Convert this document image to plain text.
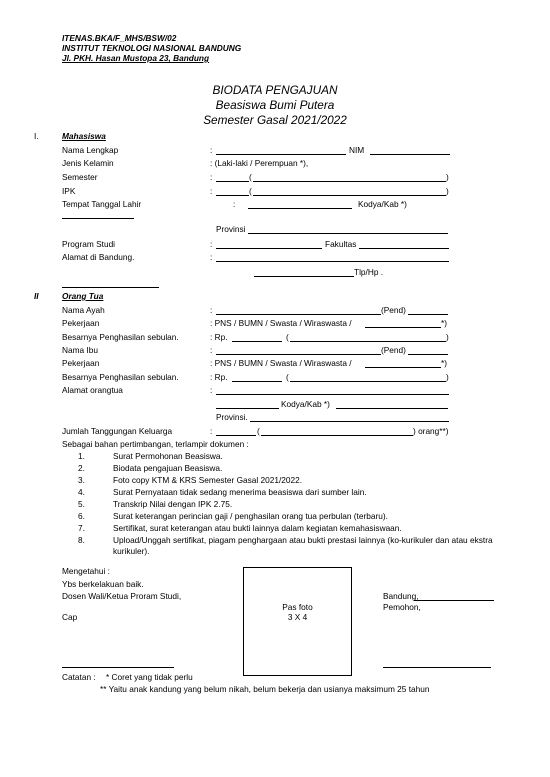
ITENAS.BKA/F_MHS/BSW/02
INSTITUT TEKNOLOGI NASIONAL BANDUNG
Jl. PKH. Hasan Mustopa 23, Bandung
BIODATA PENGAJUAN
Beasiswa Bumi Putera
Semester Gasal 2021/2022
I.	Mahasiswa
Nama Lengkap	:	NIM
Jenis Kelamin	: (Laki-laki / Perempuan *),
Semester	:	(	)
IPK	:	(	)
Tempat Tanggal Lahir	:	Kodya/Kab *)
Provinsi
Program Studi	:	Fakultas
Alamat di Bandung.	:
Tlp/Hp .
II	Orang Tua
Nama Ayah	:	(Pend)
Pekerjaan	: PNS / BUMN / Swasta / Wiraswasta /	*)
Besarnya Penghasilan sebulan.	: Rp.	(	)
Nama Ibu	:	(Pend)
Pekerjaan	: PNS / BUMN / Swasta / Wiraswasta /	*)
Besarnya Penghasilan sebulan.	: Rp.	(	)
Alamat orangtua	:
Kodya/Kab *)
Provinsi.
Jumlah Tanggungan Keluarga	:	(	) orang**)
Sebagai bahan pertimbangan, terlampir dokumen :
1.	Surat Permohonan Beasiswa.
2.	Biodata pengajuan Beasiswa.
3.	Foto copy KTM & KRS Semester Gasal 2021/2022.
4.	Surat Pernyataan tidak sedang menerima beasiswa dari sumber lain.
5.	Transkrip Nilai dengan IPK 2.75.
6.	Surat keterangan perincian gaji / penghasilan orang tua perbulan (terbaru).
7.	Sertifikat, surat keterangan atau bukti lainnya dalam kegiatan kemahasiswaan.
8.	Upload/Unggah sertifikat, piagam penghargaan atau bukti prestasi lainnya (ko-kurikuler dan atau ekstra
kurikuler).
Mengetahui :
Ybs berkelakuan baik.
Dosen Wali/Ketua Proram Studi,
Cap
Pas foto
3 X 4
Bandung,
Pemohon,
Catatan : * Coret yang tidak perlu
** Yaitu anak kandung yang belum nikah, belum bekerja dan usianya maksimum 25 tahun
